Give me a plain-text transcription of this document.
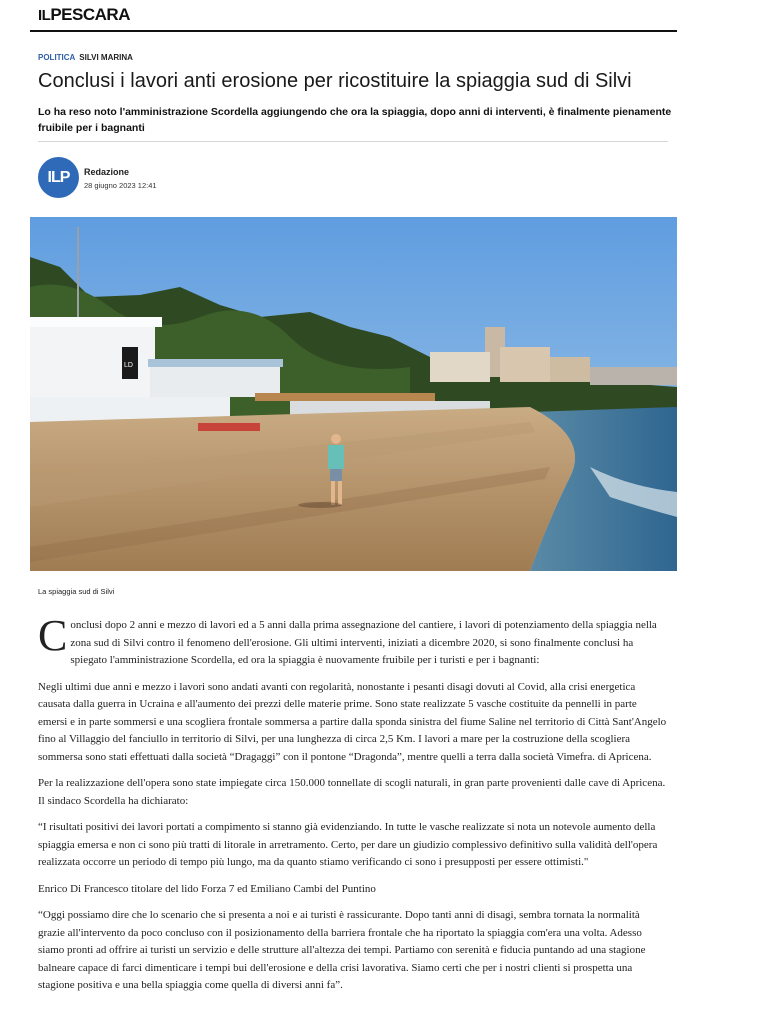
ILPESCARA
POLITICA SILVI MARINA
Conclusi i lavori anti erosione per ricostituire la spiaggia sud di Silvi
Lo ha reso noto l'amministrazione Scordella aggiungendo che ora la spiaggia, dopo anni di interventi, è finalmente pienamente fruibile per i bagnanti
ILP	Redazione
28 giugno 2023 12:41
LD
La spiaggia sud di Silvi

Conclusi dopo 2 anni e mezzo di lavori ed a 5 anni dalla prima assegnazione del cantiere, i lavori di potenziamento della spiaggia nella zona sud di Silvi contro il fenomeno dell'erosione. Gli ultimi interventi, iniziati a dicembre 2020, si sono finalmente conclusi ha spiegato l'amministrazione Scordella, ed ora la spiaggia è nuovamente fruibile per i turisti e per i bagnanti:

Negli ultimi due anni e mezzo i lavori sono andati avanti con regolarità, nonostante i pesanti disagi dovuti al Covid, alla crisi energetica causata dalla guerra in Ucraina e all'aumento dei prezzi delle materie prime. Sono state realizzate 5 vasche costituite da pennelli in parte emersi e in parte sommersi e una scogliera frontale sommersa a partire dalla sponda sinistra del fiume Saline nel territorio di Città Sant'Angelo fino al Villaggio del fanciullo in territorio di Silvi, per una lunghezza di circa 2,5 Km. I lavori a mare per la costruzione della scogliera sommersa sono stati effettuati dalla società “Dragaggi” con il pontone “Dragonda”, mentre quelli a terra dalla società Vimefra. di Apricena.

Per la realizzazione dell'opera sono state impiegate circa 150.000 tonnellate di scogli naturali, in gran parte provenienti dalle cave di Apricena. Il sindaco Scordella ha dichiarato:

“I risultati positivi dei lavori portati a compimento si stanno già evidenziando. In tutte le vasche realizzate si nota un notevole aumento della spiaggia emersa e non ci sono più tratti di litorale in arretramento. Certo, per dare un giudizio complessivo definitivo sulla validità dell'opera realizzata occorre un periodo di tempo più lungo, ma da quanto stiamo verificando ci sono i presupposti per essere ottimisti."

Enrico Di Francesco titolare del lido Forza 7 ed Emiliano Cambi del Puntino

“Oggi possiamo dire che lo scenario che si presenta a noi e ai turisti è rassicurante. Dopo tanti anni di disagi, sembra tornata la normalità grazie all'intervento da poco concluso con il posizionamento della barriera frontale che ha riportato la spiaggia com'era una volta. Adesso siamo pronti ad offrire ai turisti un servizio e delle strutture all'altezza dei tempi. Partiamo con serenità e fiducia puntando ad una stagione balneare capace di farci dimenticare i tempi bui dell'erosione e della crisi lavorativa. Siamo certi che per i nostri clienti si prospetta una stagione positiva e una bella spiaggia come quella di diversi anni fa”.
